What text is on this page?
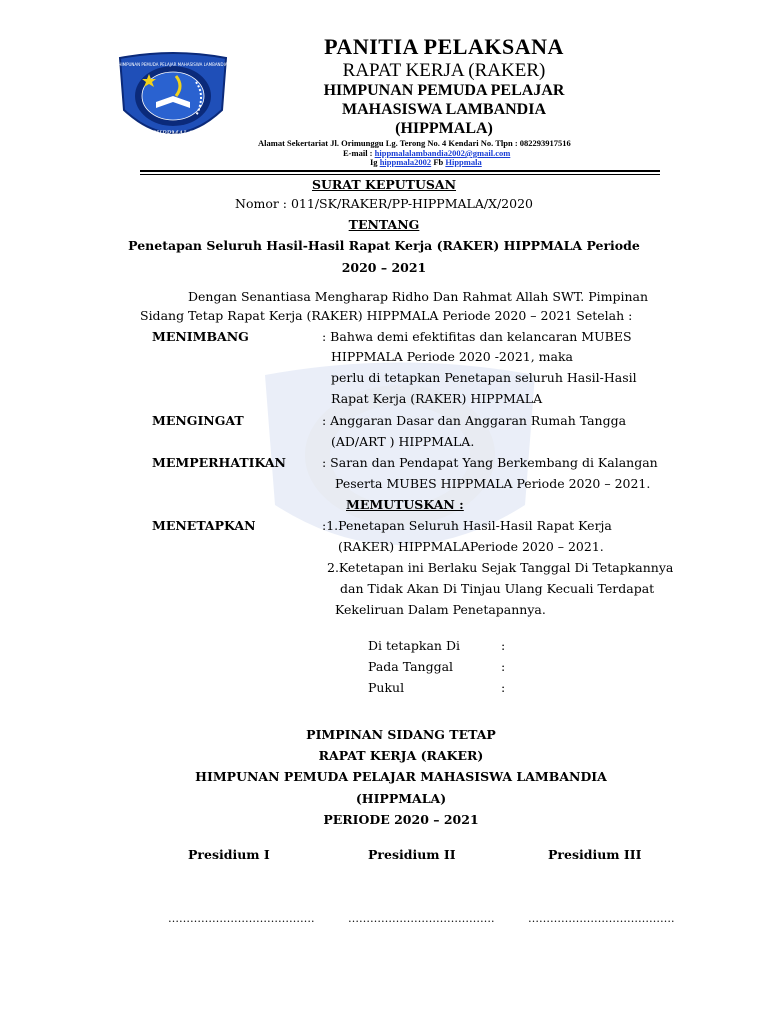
HIMPUNAN PEMUDA PELAJAR MAHASISWA LAMBANDIA
HIPPMALA
PANITIA PELAKSANA
RAPAT KERJA (RAKER)
HIMPUNAN PEMUDA PELAJAR
MAHASISWA LAMBANDIA
(HIPPMALA)
Alamat Sekertariat Jl. Orimunggu Lg. Terong No. 4 Kendari No. Tlpn : 082293917516
E-mail : hippmalalambandia2002@gmail.com
Ig hippmala2002 Fb Hippmala
SURAT KEPUTUSAN
Nomor : 011/SK/RAKER/PP-HIPPMALA/X/2020
TENTANG
Penetapan Seluruh Hasil-Hasil Rapat Kerja (RAKER) HIPPMALA Periode
2020 – 2021
Dengan Senantiasa Mengharap Ridho Dan Rahmat Allah SWT. Pimpinan
Sidang Tetap Rapat Kerja (RAKER) HIPPMALA Periode 2020 – 2021 Setelah :
MENIMBANG	: Bahwa demi efektifitas dan kelancaran MUBES
HIPPMALA Periode 2020 -2021, maka
perlu di tetapkan Penetapan seluruh Hasil-Hasil
Rapat Kerja (RAKER) HIPPMALA
MENGINGAT	: Anggaran Dasar dan Anggaran Rumah Tangga
(AD/ART ) HIPPMALA.
MEMPERHATIKAN	: Saran dan Pendapat Yang Berkembang di Kalangan
Peserta MUBES HIPPMALA Periode 2020 – 2021.
MEMUTUSKAN :
MENETAPKAN	:1.Penetapan Seluruh Hasil-Hasil Rapat Kerja
(RAKER) HIPPMALAPeriode 2020 – 2021.
2.Ketetapan ini Berlaku Sejak Tanggal Di Tetapkannya
dan Tidak Akan Di Tinjau Ulang Kecuali Terdapat
Kekeliruan Dalam Penetapannya.
Di tetapkan Di	:
Pada Tanggal	:
Pukul	:
PIMPINAN SIDANG TETAP
RAPAT KERJA (RAKER)
HIMPUNAN PEMUDA PELAJAR MAHASISWA LAMBANDIA
(HIPPMALA)
PERIODE 2020 – 2021
Presidium I	Presidium II	Presidium III
………………………………….	………………………………….	………………………………….
